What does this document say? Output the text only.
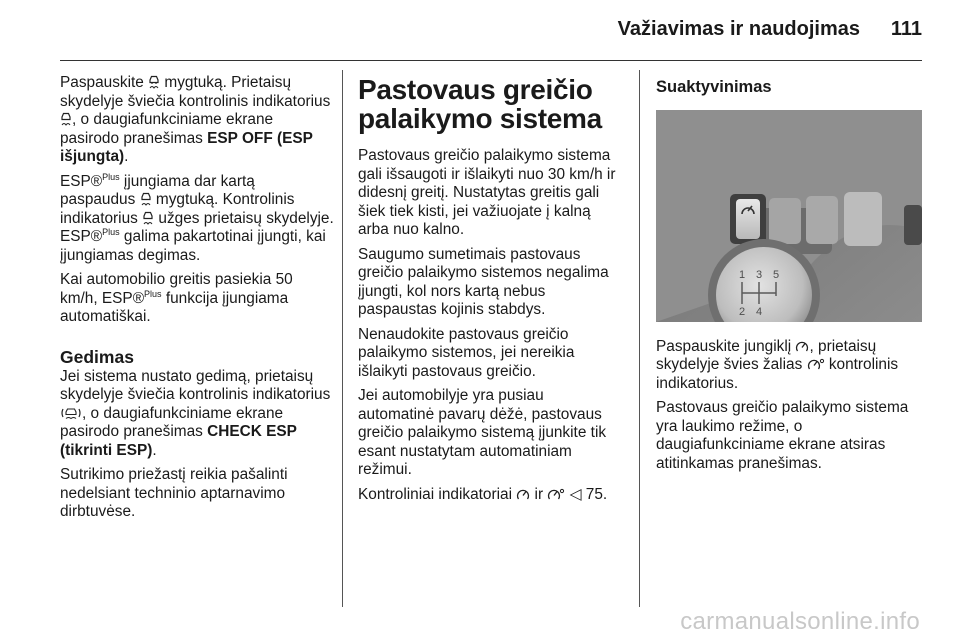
Važiavimas ir naudojimas 111

Paspauskite  mygtuką. Prietaisų skydelyje šviečia kontrolinis indikatorius , o daugiafunkciniame ekrane pasirodo pranešimas ESP OFF (ESP išjungta).

ESP®$^{Plus}$ įjungiama dar kartą paspaudus  mygtuką. Kontrolinis indikatorius  užges prietaisų skydelyje. ESP®$^{Plus}$ galima pakartotinai įjungti, kai įjungiamas degimas.

Kai automobilio greitis pasiekia 50 km/h, ESP®$^{Plus}$ funkcija įjungiama automatiškai.

Gedimas

Jei sistema nustato gedimą, prietaisų skydelyje šviečia kontrolinis indikatorius , o daugiafunkciniame ekrane pasirodo pranešimas CHECK ESP (tikrinti ESP).

Sutrikimo priežastį reikia pašalinti nedelsiant techninio aptarnavimo dirbtuvėse.

Pastovaus greičio palaikymo sistema

Pastovaus greičio palaikymo sistema gali išsaugoti ir išlaikyti nuo 30 km/h ir didesnį greitį. Nustatytas greitis gali šiek tiek kisti, jei važiuojate į kalną arba nuo kalno.

Saugumo sumetimais pastovaus greičio palaikymo sistemos negalima įjungti, kol nors kartą nebus paspaustas kojinis stabdys.

Nenaudokite pastovaus greičio palaikymo sistemos, jei nereikia išlaikyti pastovaus greičio.

Jei automobilyje yra pusiau automatinė pavarų dėžė, pastovaus greičio palaikymo sistemą įjunkite tik esant nustatytam automatiniam režimui.

Kontroliniai indikatoriai  ir  ◁ 75.

Suaktyvinimas
1 3 5
2 4

Paspauskite jungiklį , prietaisų skydelyje švies žalias  kontrolinis indikatorius.

Pastovaus greičio palaikymo sistema yra laukimo režime, o daugiafunkciniame ekrane atsiras atitinkamas pranešimas.

carmanualsonline.info
